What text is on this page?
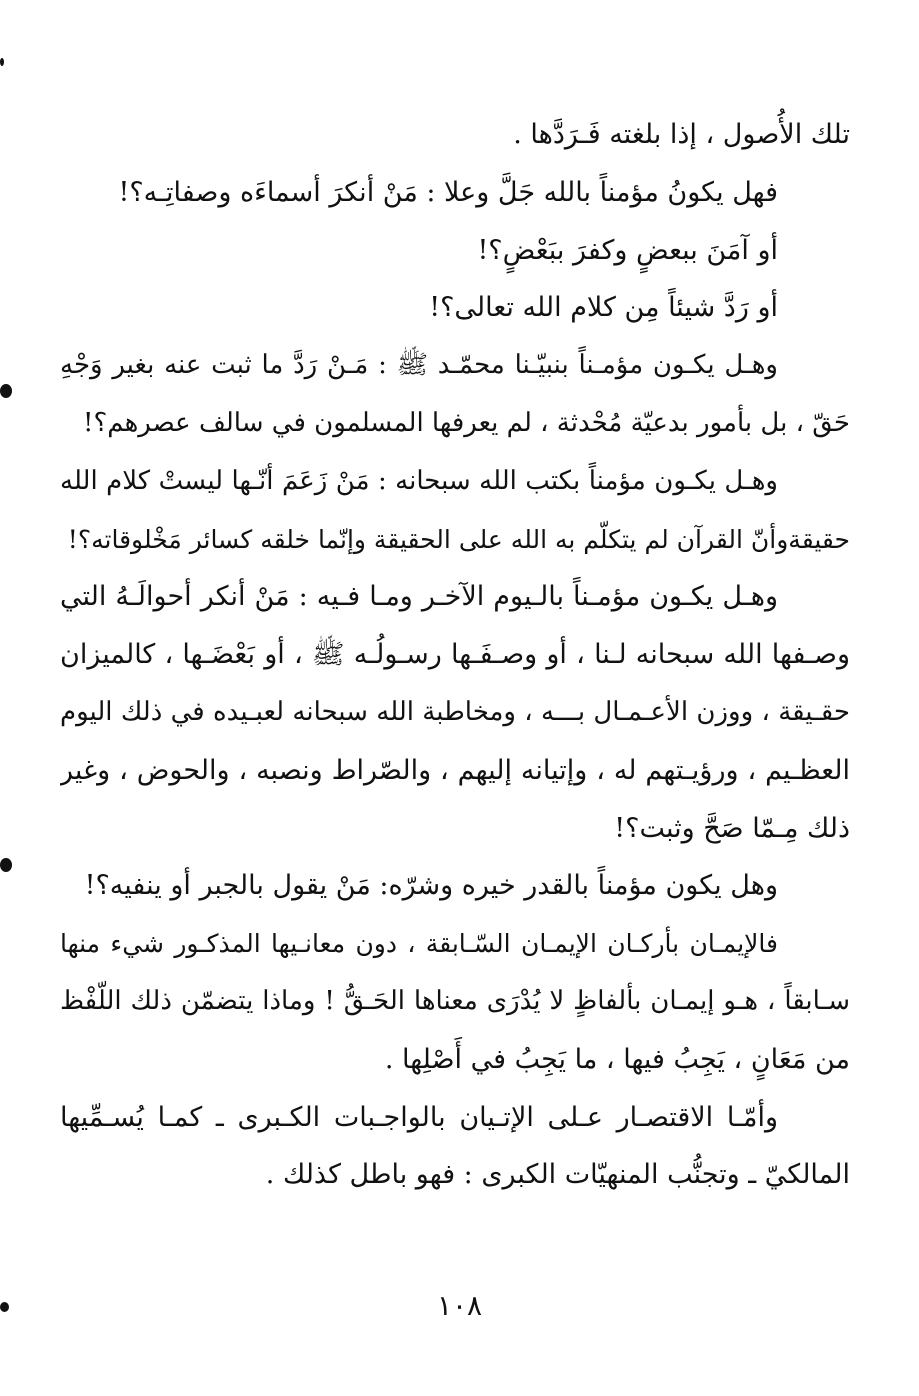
تلك الأُصول ، إذا بلغته فَـرَدَّها .
فهل يكونُ مؤمناً بالله جَلَّ وعلا : مَنْ أنكرَ أسماءَه وصفاتِـه؟!
أو آمَنَ ببعضٍ وكفرَ ببَعْضٍ؟!
أو رَدَّ شيئاً مِن كلام الله تعالى؟!
وهـل يكـون مؤمـناً بنبيّـنا محمّـد ﷺ : مَـنْ رَدَّ ما ثبت عنه بغير وَجْهِ
حَقّ ، بل بأمور بدعيّة مُحْدثة ، لم يعرفها المسلمون في سالف عصرهم؟!
وهـل يكـون مؤمناً بكتب الله سبحانه : مَنْ زَعَمَ أنّـها ليستْ كلام الله
حقيقةوأنّ القرآن لم يتكلّم به الله على الحقيقة وإنّما خلقه كسائر مَخْلوقاته؟!
وهـل يكـون مؤمـناً بالـيوم الآخـر ومـا فـيه : مَنْ أنكر أحوالَـهُ التي
وصـفها الله سبحانه لـنا ، أو وصـفَـها رسـولُـه ﷺ ، أو بَعْضَـها ، كالميزان
حقـيقة ، ووزن الأعـمـال بـــه ، ومخاطبة الله سبحانه لعبـيده في ذلك اليوم
العظـيم ، ورؤيـتهم له ، وإتيانه إليهم ، والصّراط ونصبه ، والحوض ، وغير
ذلك مِـمّا صَحَّ وثبت؟!
وهل يكون مؤمناً بالقدر خيره وشرّه: مَنْ يقول بالجبر أو ينفيه؟!
فالإيمـان بأركـان الإيمـان السّـابقة ، دون معانـيها المذكـور شيء منها
سـابقاً ، هـو إيمـان بألفاظٍ لا يُدْرَى معناها الحَـقُّ ! وماذا يتضمّن ذلك اللّفْظ
من مَعَانٍ ، يَجِبُ فيها ، ما يَجِبُ في أَصْلِها .
وأمّـا الاقتصـار عـلى الإتـيان بالواجـبات الكـبرى ـ كمـا يُسـمِّيها
المالكيّ ـ وتجنُّب المنهيّات الكبرى : فهو باطل كذلك .
١٠٨
